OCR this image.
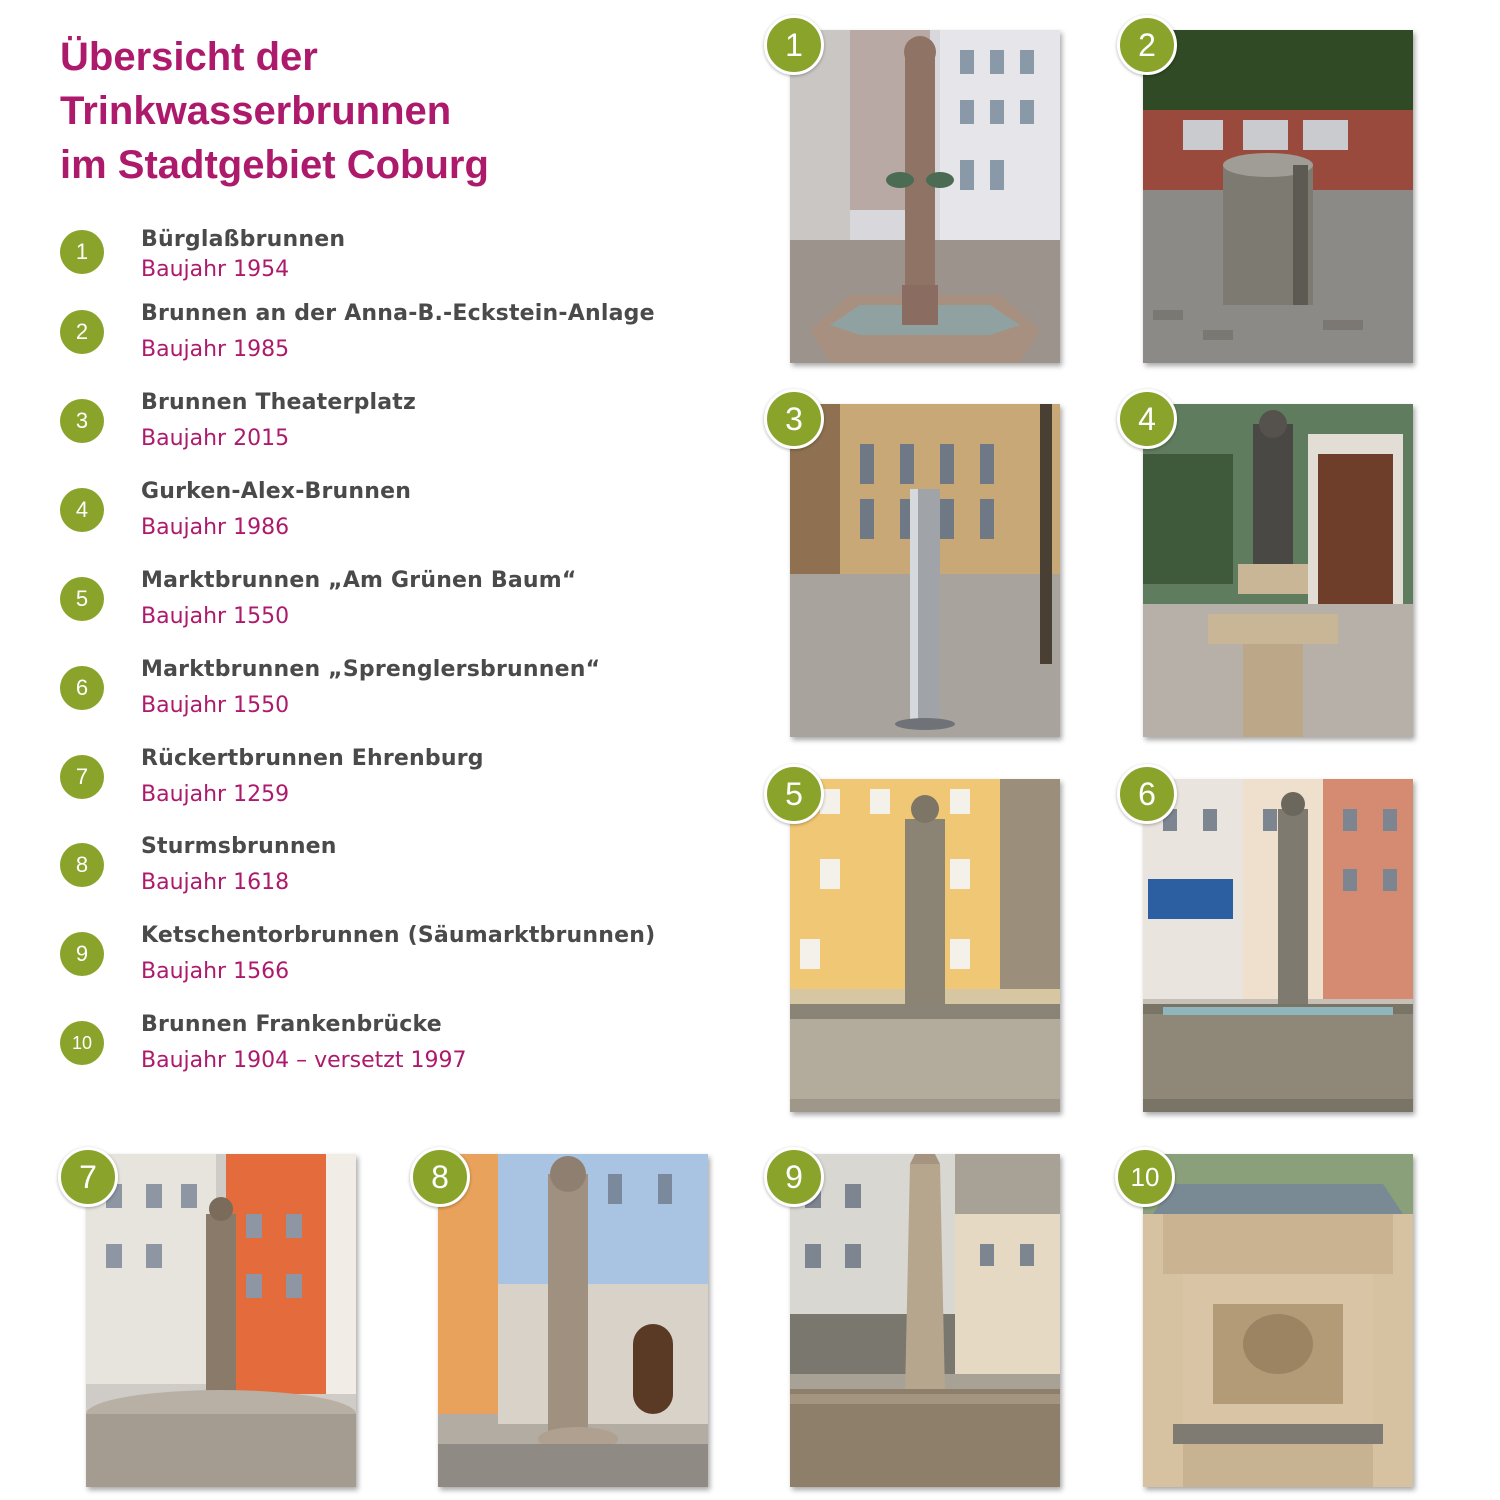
Übersicht der
Trinkwasserbrunnen
im Stadtgebiet Coburg
1	Bürglaßbrunnen
Baujahr 1954
2
Brunnen an der Anna-B.-Eckstein-Anlage
Baujahr 1985
3
Brunnen Theaterplatz
Baujahr 2015
4
Gurken-Alex-Brunnen
Baujahr 1986
5
Marktbrunnen „Am Grünen Baum“
Baujahr 1550
6
Marktbrunnen „Sprenglersbrunnen“
Baujahr 1550
7
Rückertbrunnen Ehrenburg
Baujahr 1259
8
Sturmsbrunnen
Baujahr 1618
9
Ketschentorbrunnen (Säumarktbrunnen)
Baujahr 1566
10
Brunnen Frankenbrücke
Baujahr 1904 – versetzt 1997
1	2
3	4
5	6
7	8	9	10
